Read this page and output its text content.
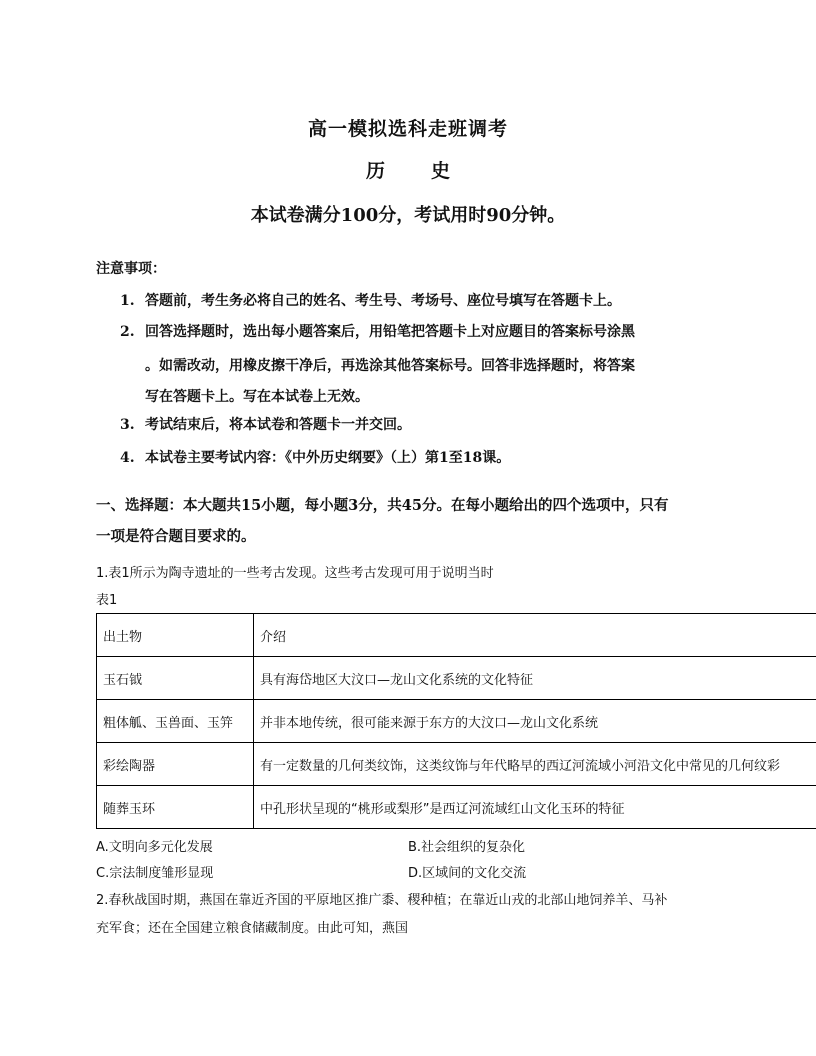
高一模拟选科走班调考
历 史
本试卷满分100分，考试用时90分钟。
注意事项：
1. 答题前，考生务必将自己的姓名、考生号、考场号、座位号填写在答题卡上。
2. 回答选择题时，选出每小题答案后，用铅笔把答题卡上对应题目的答案标号涂黑
。如需改动，用橡皮擦干净后，再选涂其他答案标号。回答非选择题时，将答案
写在答题卡上。写在本试卷上无效。
3. 考试结束后，将本试卷和答题卡一并交回。
4. 本试卷主要考试内容：《中外历史纲要》（上）第1至18课。
一、选择题：本大题共15小题，每小题3分，共45分。在每小题给出的四个选项中，只有
一项是符合题目要求的。
1.表1所示为陶寺遗址的一些考古发现。这些考古发现可用于说明当时
表1
出土物	介绍
玉石钺	具有海岱地区大汶口—龙山文化系统的文化特征
粗体觚、玉兽面、玉笄	并非本地传统，很可能来源于东方的大汶口—龙山文化系统
彩绘陶器	有一定数量的几何类纹饰，这类纹饰与年代略早的西辽河流域小河沿文化中常见的几何纹彩
随葬玉环	中孔形状呈现的“桃形或梨形”是西辽河流域红山文化玉环的特征
A.文明向多元化发展	B.社会组织的复杂化
C.宗法制度雏形显现	D.区域间的文化交流
2.春秋战国时期，燕国在靠近齐国的平原地区推广黍、稷种植；在靠近山戎的北部山地饲养羊、马补
充军食；还在全国建立粮食储藏制度。由此可知，燕国
